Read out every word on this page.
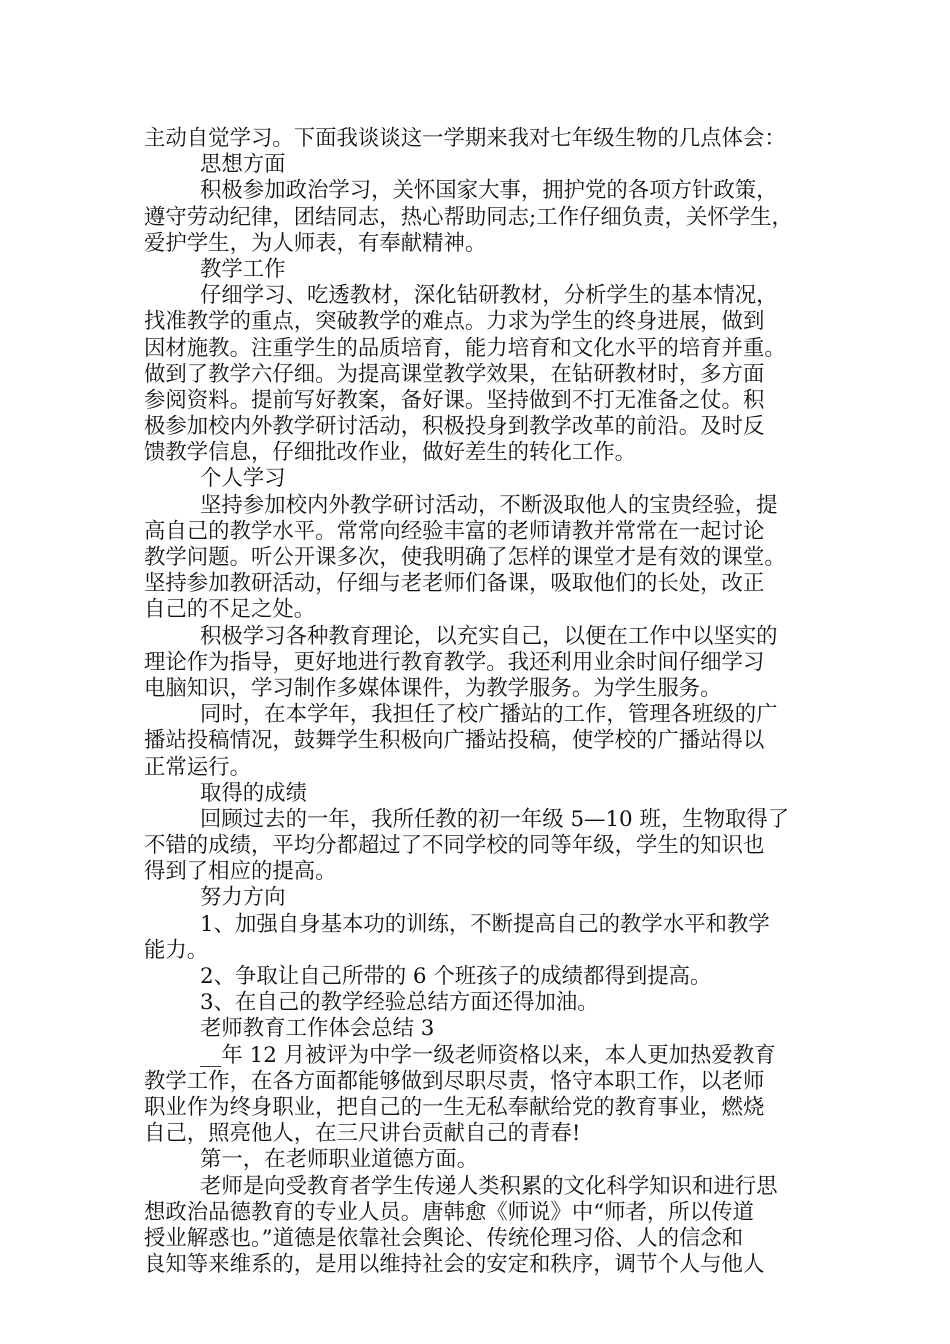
主动自觉学习。下面我谈谈这一学期来我对七年级生物的几点体会：
思想方面
积极参加政治学习，关怀国家大事，拥护党的各项方针政策，
遵守劳动纪律，团结同志，热心帮助同志;工作仔细负责，关怀学生，
爱护学生，为人师表，有奉献精神。
教学工作
仔细学习、吃透教材，深化钻研教材，分析学生的基本情况，
找准教学的重点，突破教学的难点。力求为学生的终身进展，做到
因材施教。注重学生的品质培育，能力培育和文化水平的培育并重。
做到了教学六仔细。为提高课堂教学效果，在钻研教材时，多方面
参阅资料。提前写好教案，备好课。坚持做到不打无准备之仗。积
极参加校内外教学研讨活动，积极投身到教学改革的前沿。及时反
馈教学信息，仔细批改作业，做好差生的转化工作。
个人学习
坚持参加校内外教学研讨活动，不断汲取他人的宝贵经验，提
高自己的教学水平。常常向经验丰富的老师请教并常常在一起讨论
教学问题。听公开课多次，使我明确了怎样的课堂才是有效的课堂。
坚持参加教研活动，仔细与老老师们备课，吸取他们的长处，改正
自己的不足之处。
积极学习各种教育理论，以充实自己，以便在工作中以坚实的
理论作为指导，更好地进行教育教学。我还利用业余时间仔细学习
电脑知识，学习制作多媒体课件，为教学服务。为学生服务。
同时，在本学年，我担任了校广播站的工作，管理各班级的广
播站投稿情况，鼓舞学生积极向广播站投稿，使学校的广播站得以
正常运行。
取得的成绩
回顾过去的一年，我所任教的初一年级 5—10 班，生物取得了
不错的成绩，平均分都超过了不同学校的同等年级，学生的知识也
得到了相应的提高。
努力方向
1、加强自身基本功的训练，不断提高自己的教学水平和教学
能力。
2、争取让自己所带的 6 个班孩子的成绩都得到提高。
3、在自己的教学经验总结方面还得加油。
老师教育工作体会总结 3
__年 12 月被评为中学一级老师资格以来，本人更加热爱教育
教学工作，在各方面都能够做到尽职尽责，恪守本职工作，以老师
职业作为终身职业，把自己的一生无私奉献给党的教育事业，燃烧
自己，照亮他人，在三尺讲台贡献自己的青春!
第一，在老师职业道德方面。
老师是向受教育者学生传递人类积累的文化科学知识和进行思
想政治品德教育的专业人员。唐韩愈《师说》中“师者，所以传道
授业解惑也。”道德是依靠社会舆论、传统伦理习俗、人的信念和
良知等来维系的，是用以维持社会的安定和秩序，调节个人与他人
